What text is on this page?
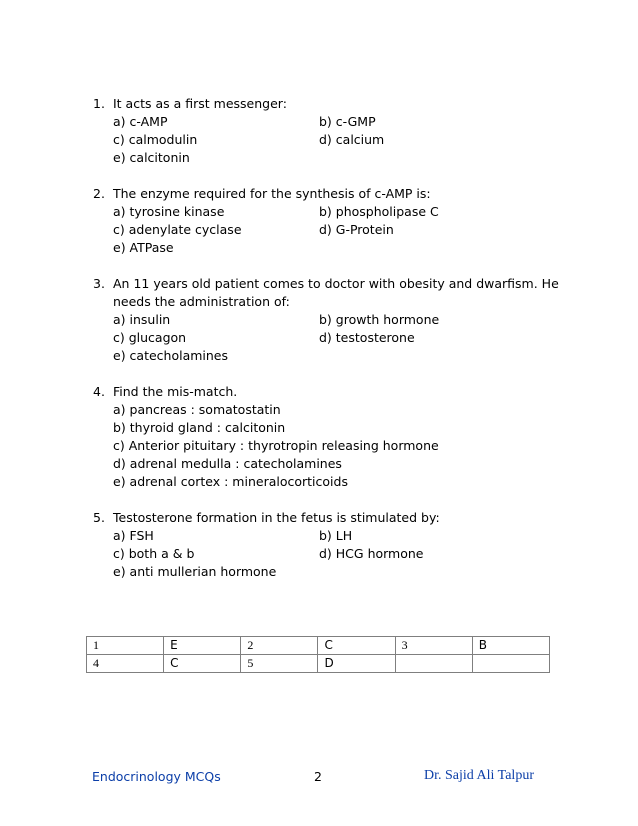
1. It acts as a first messenger:
a) c-AMP	b) c-GMP
c) calmodulin	d) calcium
e) calcitonin
2. The enzyme required for the synthesis of c-AMP is:
a) tyrosine kinase	b) phospholipase C
c) adenylate cyclase	d) G-Protein
e) ATPase
3. An 11 years old patient comes to doctor with obesity and dwarfism. He needs the administration of:
a) insulin	b) growth hormone
c) glucagon	d) testosterone
e) catecholamines
4. Find the mis-match.
a) pancreas : somatostatin
b) thyroid gland : calcitonin
c) Anterior pituitary : thyrotropin releasing hormone
d) adrenal medulla : catecholamines
e) adrenal cortex : mineralocorticoids
5. Testosterone formation in the fetus is stimulated by:
a) FSH	b) LH
c) both a & b	d) HCG hormone
e) anti mullerian hormone
1	E	2	C	3	B
4	C	5	D		
Endocrinology MCQs	2	Dr. Sajid Ali Talpur
